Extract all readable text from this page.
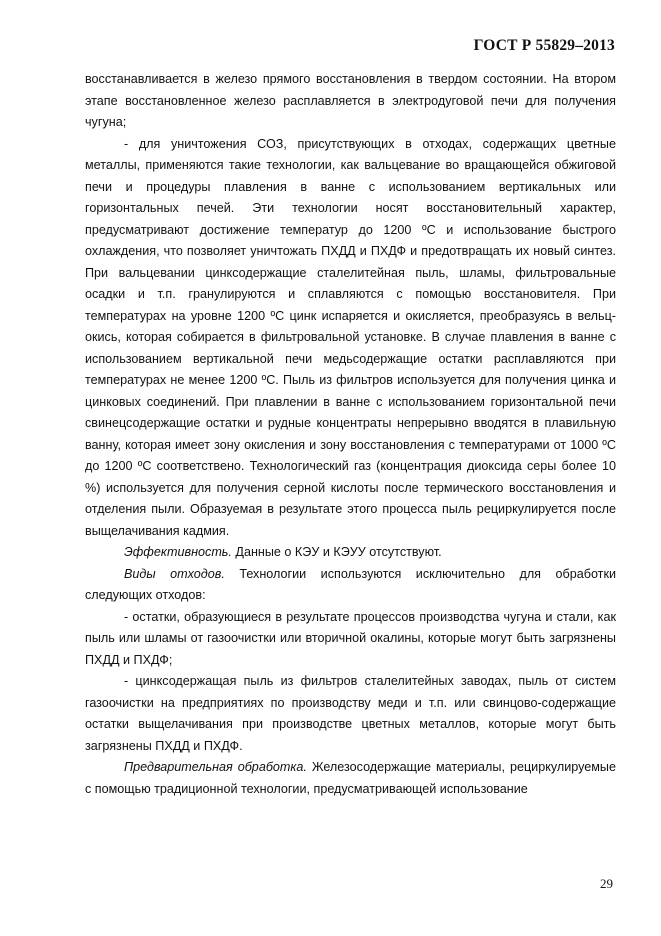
ГОСТ Р 55829–2013

восстанавливается в железо прямого восстановления в твердом состоянии. На втором этапе восстановленное железо расплавляется в электродуговой печи для получения чугуна;

- для уничтожения СОЗ, присутствующих в отходах, содержащих цветные металлы, применяются такие технологии, как вальцевание во вращающейся обжиговой печи и процедуры плавления в ванне с использованием вертикальных или горизонтальных печей. Эти технологии носят восстановительный характер, предусматривают достижение температур до 1200 ºС и использование быстрого охлаждения, что позволяет уничтожать ПХДД и ПХДФ и предотвращать их новый синтез. При вальцевании цинксодержащие сталелитейная пыль, шламы, фильтровальные осадки и т.п. гранулируются и сплавляются с помощью восстановителя. При температурах на уровне 1200 ºС цинк испаряется и окисляется, преобразуясь в вельц-окись, которая собирается в фильтровальной установке. В случае плавления в ванне с использованием вертикальной печи медьсодержащие остатки расплавляются при температурах не менее 1200 ºС. Пыль из фильтров используется для получения цинка и цинковых соединений. При плавлении в ванне с использованием горизонтальной печи свинецсодержащие остатки и рудные концентраты непрерывно вводятся в плавильную ванну, которая имеет зону окисления и зону восстановления с температурами от 1000 ºС до 1200 ºС соответствено. Технологический газ (концентрация диоксида серы более 10 %) используется для получения серной кислоты после термического восстановления и отделения пыли. Образуемая в результате этого процесса пыль рециркулируется после выщелачивания кадмия.

Эффективность. Данные о КЭУ и КЭУУ отсутствуют.

Виды отходов. Технологии используются исключительно для обработки следующих отходов:

- остатки, образующиеся в результате процессов производства чугуна и стали, как пыль или шламы от газоочистки или вторичной окалины, которые могут быть загрязнены ПХДД и ПХДФ;

- цинксодержащая пыль из фильтров сталелитейных заводах, пыль от систем газоочистки на предприятиях по производству меди и т.п. или свинцово-содержащие остатки выщелачивания при производстве цветных металлов, которые могут быть загрязнены ПХДД и ПХДФ.

Предварительная обработка. Железосодержащие материалы, рециркулируемые с помощью традиционной технологии, предусматривающей использование

29
